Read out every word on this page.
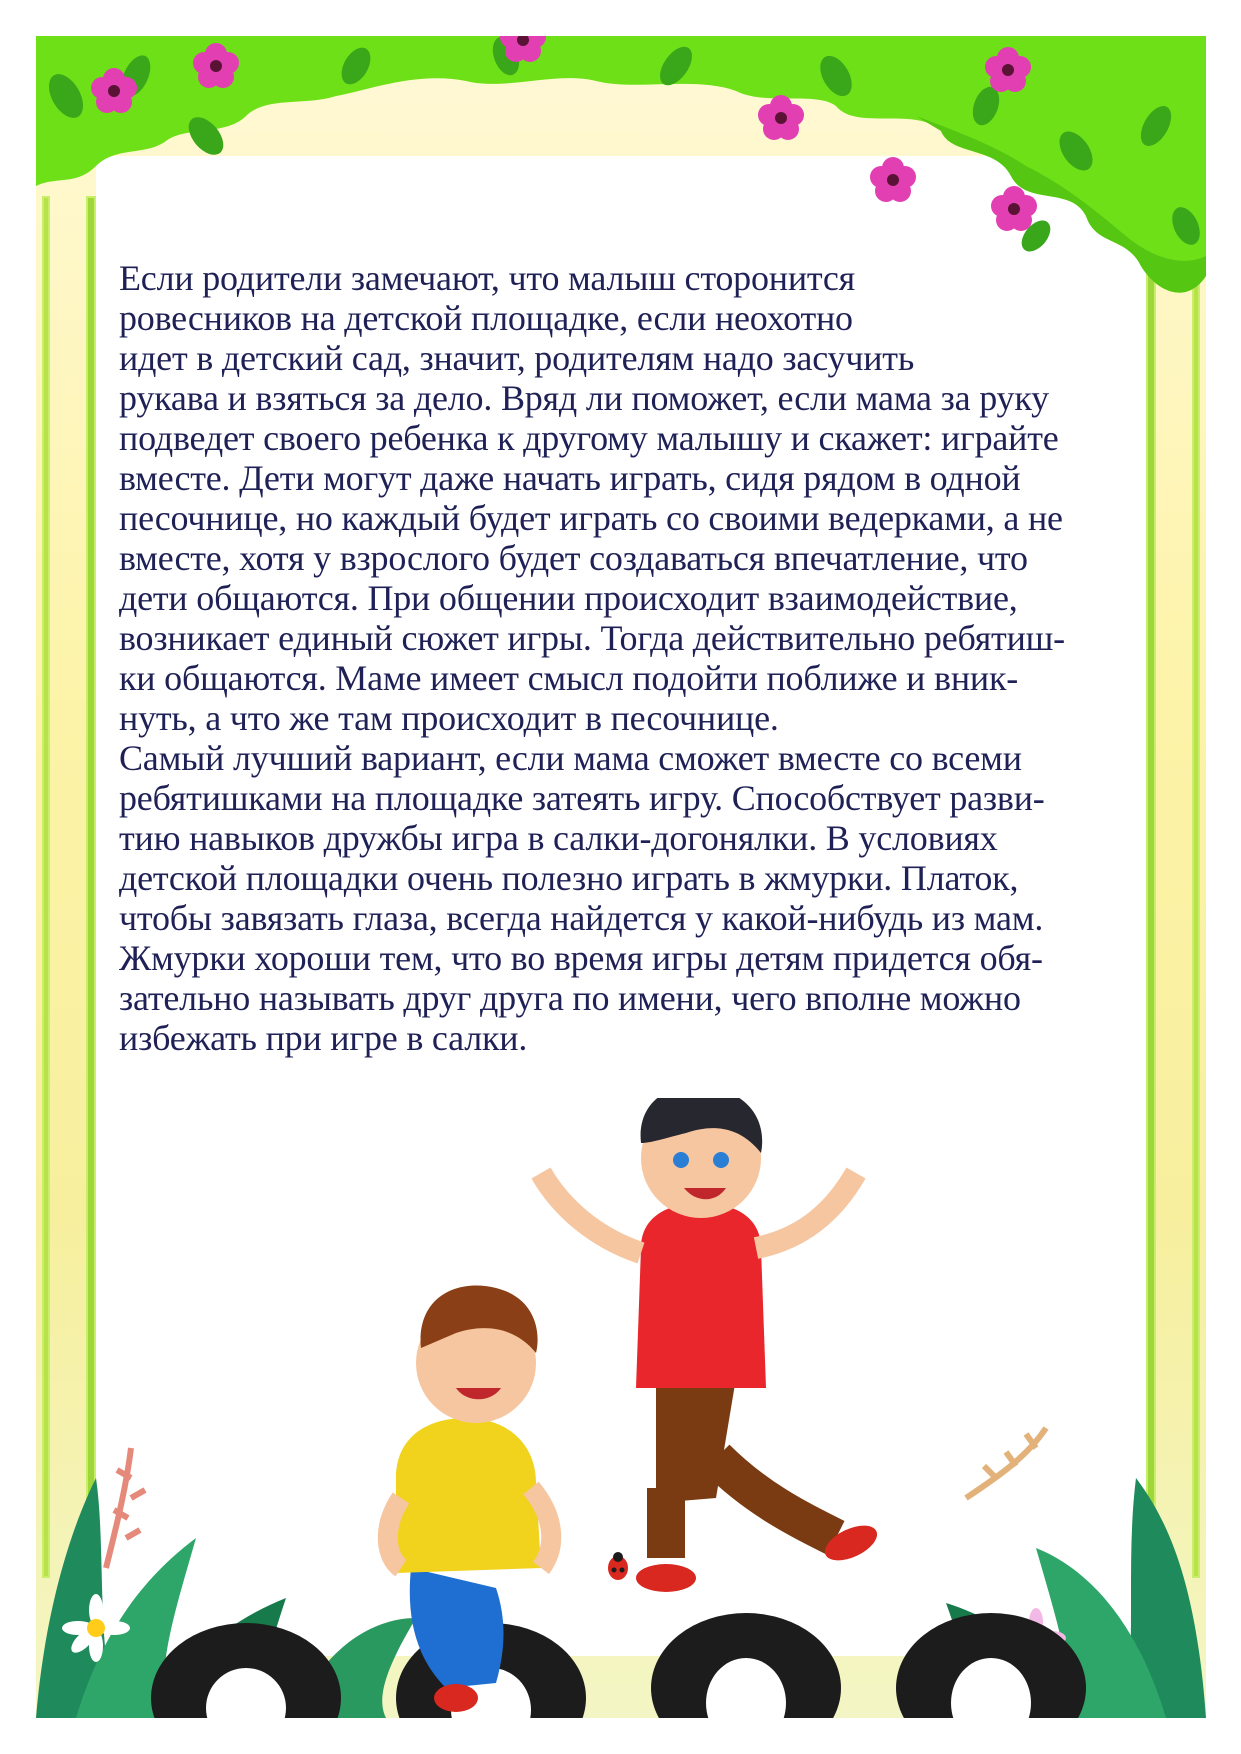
Если родители замечают, что малыш сторонится
ровесников на детской площадке, если неохотно
идет в детский сад, значит, родителям надо засучить
рукава и взяться за дело. Вряд ли поможет, если мама за руку
подведет своего ребенка к другому малышу и скажет: играйте
вместе. Дети могут даже начать играть, сидя рядом в одной
песочнице, но каждый будет играть со своими ведерками, а не
вместе, хотя у взрослого будет создаваться впечатление, что
дети общаются. При общении происходит взаимодействие,
возникает единый сюжет игры. Тогда действительно ребятиш-
ки общаются. Маме имеет смысл подойти поближе и вник-
нуть, а что же там происходит в песочнице.
Самый лучший вариант, если мама сможет вместе со всеми
ребятишками на площадке затеять игру. Способствует разви-
тию навыков дружбы игра в салки-догонялки. В условиях
детской площадки очень полезно играть в жмурки. Платок,
чтобы завязать глаза, всегда найдется у какой-нибудь из мам.
Жмурки хороши тем, что во время игры детям придется обя-
зательно называть друг друга по имени, чего вполне можно
избежать при игре в салки.
